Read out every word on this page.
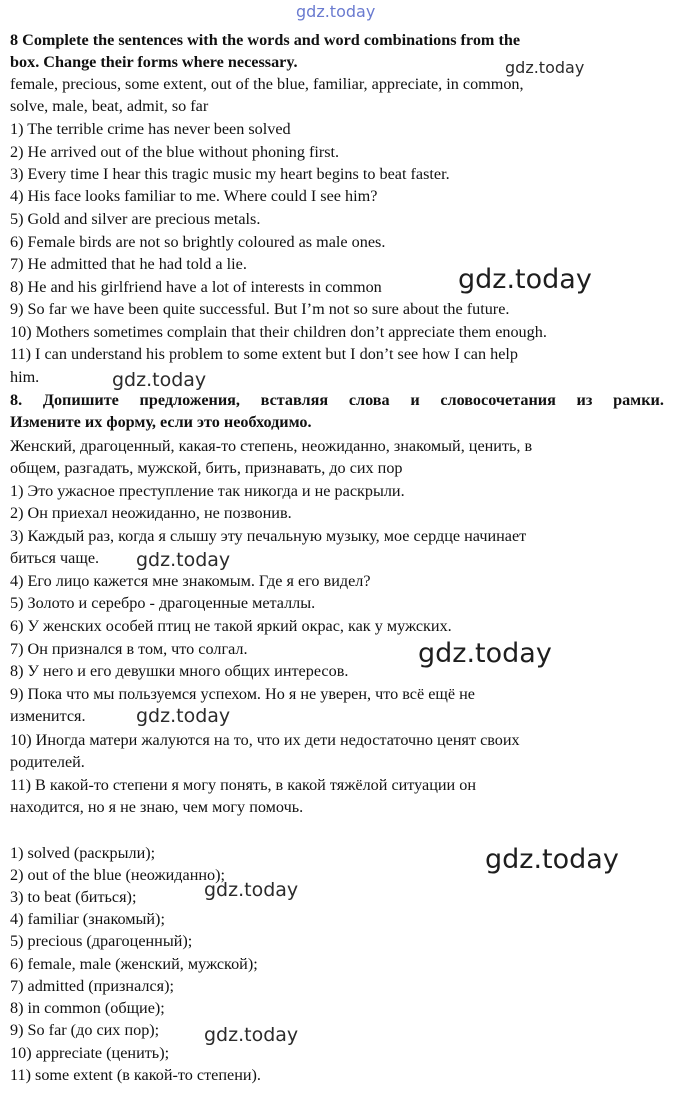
8 Complete the sentences with the words and word combinations from the
box. Change their forms where necessary.
female, precious, some extent, out of the blue, familiar, appreciate, in common,
solve, male, beat, admit, so far
1) The terrible crime has never been solved
2) He arrived out of the blue without phoning first.
3) Every time I hear this tragic music my heart begins to beat faster.
4) His face looks familiar to me. Where could I see him?
5) Gold and silver are precious metals.
6) Female birds are not so brightly coloured as male ones.
7) He admitted that he had told a lie.
8) He and his girlfriend have a lot of interests in common
9) So far we have been quite successful. But I’m not so sure about the future.
10) Mothers sometimes complain that their children don’t appreciate them enough.
11) I can understand his problem to some extent but I don’t see how I can help
him.
8. Допишите предложения, вставляя слова и словосочетания из рамки.
Измените их форму, если это необходимо.
Женский, драгоценный, какая-то степень, неожиданно, знакомый, ценить, в
общем, разгадать, мужской, бить, признавать, до сих пор
1) Это ужасное преступление так никогда и не раскрыли.
2) Он приехал неожиданно, не позвонив.
3) Каждый раз, когда я слышу эту печальную музыку, мое сердце начинает
биться чаще.
4) Его лицо кажется мне знакомым. Где я его видел?
5) Золото и серебро - драгоценные металлы.
6) У женских особей птиц не такой яркий окрас, как у мужских.
7) Он признался в том, что солгал.
8) У него и его девушки много общих интересов.
9) Пока что мы пользуемся успехом. Но я не уверен, что всё ещё не
изменится.
10) Иногда матери жалуются на то, что их дети недостаточно ценят своих
родителей.
11) В какой-то степени я могу понять, в какой тяжёлой ситуации он
находится, но я не знаю, чем могу помочь.
1) solved (раскрыли);
2) out of the blue (неожиданно);
3) to beat (биться);
4) familiar (знакомый);
5) precious (драгоценный);
6) female, male (женский, мужской);
7) admitted (признался);
8) in common (общие);
9) So far (до сих пор);
10) appreciate (ценить);
11) some extent (в какой-то степени).
gdz.today
gdz.today
gdz.today
gdz.today
gdz.today
gdz.today
gdz.today
gdz.today
gdz.today
gdz.today
